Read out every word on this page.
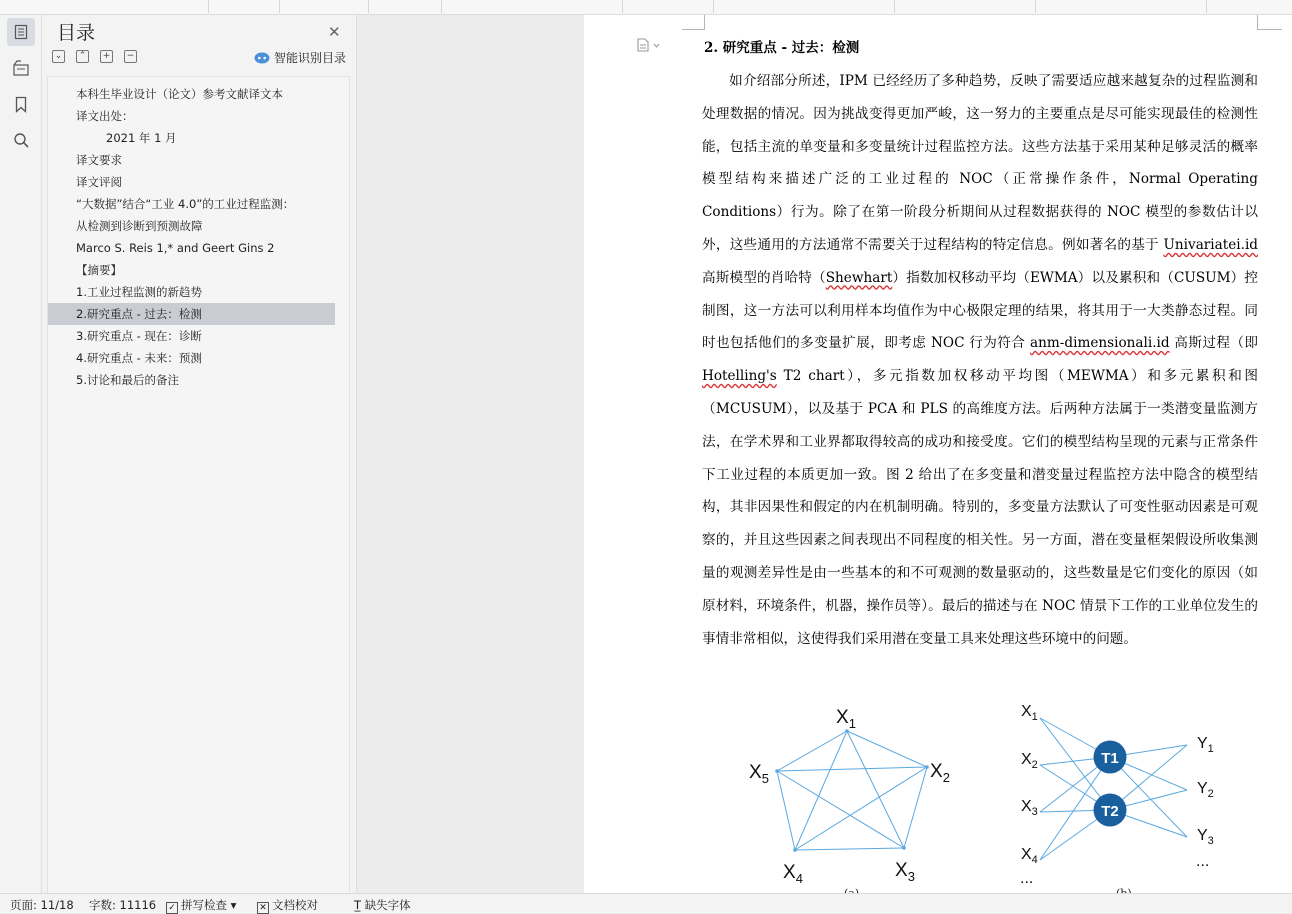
目录	✕
⌄	⌃	+	−	智能识别目录
本科生毕业设计（论文）参考文献译文本
译文出处：
2021 年 1 月
译文要求
译文评阅
“大数据”结合“工业 4.0”的工业过程监测：
从检测到诊断到预测故障
Marco S. Reis 1,* and Geert Gins 2
【摘要】
1.工业过程监测的新趋势
2.研究重点 - 过去：检测
3.研究重点 - 现在：诊断
4.研究重点 - 未来：预测
5.讨论和最后的备注
2. 研究重点 - 过去：检测
如介绍部分所述，IPM 已经经历了多种趋势，反映了需要适应越来越复杂的过程监测和处理数据的情况。因为挑战变得更加严峻，这一努力的主要重点是尽可能实现最佳的检测性能，包括主流的单变量和多变量统计过程监控方法。这些方法基于采用某种足够灵活的概率模型结构来描述广泛的工业过程的 NOC（正常操作条件，Normal Operating Conditions）行为。除了在第一阶段分析期间从过程数据获得的 NOC 模型的参数估计以外，这些通用的方法通常不需要关于过程结构的特定信息。例如著名的基于 Univariatei.id 高斯模型的肖哈特（Shewhart）指数加权移动平均（EWMA）以及累积和（CUSUM）控制图，这一方法可以利用样本均值作为中心极限定理的结果，将其用于一大类静态过程。同时也包括他们的多变量扩展，即考虑 NOC 行为符合 anm-dimensionali.id 高斯过程（即 Hotelling's T2 chart），多元指数加权移动平均图（MEWMA）和多元累积和图（MCUSUM），以及基于 PCA 和 PLS 的高维度方法。后两种方法属于一类潜变量监测方法，在学术界和工业界都取得较高的成功和接受度。它们的模型结构呈现的元素与正常条件下工业过程的本质更加一致。图 2 给出了在多变量和潜变量过程监控方法中隐含的模型结构，其非因果性和假定的内在机制明确。特别的，多变量方法默认了可变性驱动因素是可观察的，并且这些因素之间表现出不同程度的相关性。另一方面，潜在变量框架假设所收集测量的观测差异性是由一些基本的和不可观测的数量驱动的，这些数量是它们变化的原因（如原材料，环境条件，机器，操作员等）。最后的描述与在 NOC 情景下工作的工业单位发生的事情非常相似，这使得我们采用潜在变量工具来处理这些环境中的问题。
$X_1$
$X_2$
$X_3$
$X_4$
$X_5$
T1
T2
$X_1$
$X_2$
$X_3$
$X_4$
...
$Y_1$
$Y_2$
$Y_3$
...
页面: 11/18 字数: 11116 ✓ 拼写检查 ▾	✕ 文档校对	T̲ 缺失字体
